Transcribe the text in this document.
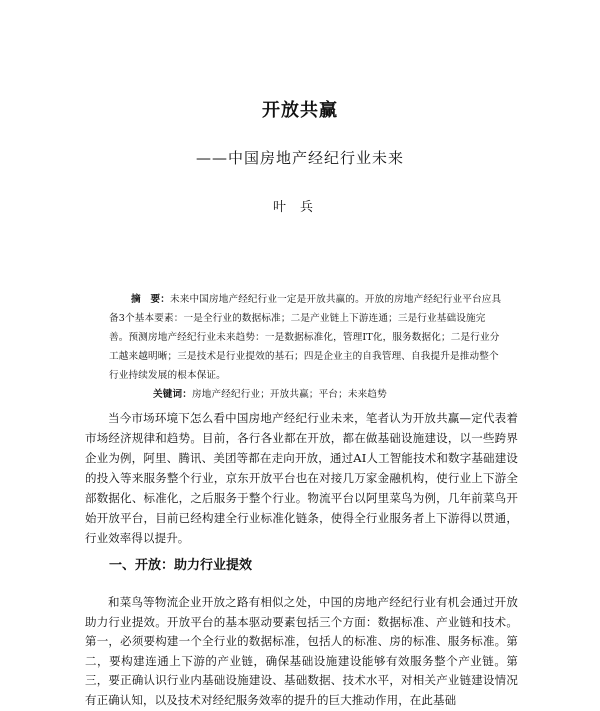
开放共赢
——中国房地产经纪行业未来
叶兵

摘　要：未来中国房地产经纪行业一定是开放共赢的。开放的房地产经纪行业平台应具备3个基本要素：一是全行业的数据标准；二是产业链上下游连通；三是行业基础设施完善。预测房地产经纪行业未来趋势：一是数据标准化，管理IT化，服务数据化；二是行业分工越来越明晰；三是技术是行业提效的基石；四是企业主的自我管理、自我提升是推动整个行业持续发展的根本保证。

关键词：房地产经纪行业；开放共赢；平台；未来趋势

当今市场环境下怎么看中国房地产经纪行业未来，笔者认为开放共赢—定代表着市场经济规律和趋势。目前，各行各业都在开放，都在做基础设施建设，以一些跨界企业为例，阿里、腾讯、美团等都在走向开放，通过AI人工智能技术和数字基础建设的投入等来服务整个行业，京东开放平台也在对接几万家金融机构，使行业上下游全部数据化、标准化，之后服务于整个行业。物流平台以阿里菜鸟为例，几年前菜鸟开始开放平台，目前已经构建全行业标准化链条，使得全行业服务者上下游得以贯通，行业效率得以提升。

一、开放：助力行业提效

和菜鸟等物流企业开放之路有相似之处，中国的房地产经纪行业有机会通过开放助力行业提效。开放平台的基本驱动要素包括三个方面：数据标准、产业链和技术。第一，必须要构建一个全行业的数据标准，包括人的标准、房的标准、服务标准。第二，要构建连通上下游的产业链，确保基础设施建设能够有效服务整个产业链。第三，要正确认识行业内基础设施建设、基础数据、技术水平，对相关产业链建设情况有正确认知，以及技术对经纪服务效率的提升的巨大推动作用，在此基础
